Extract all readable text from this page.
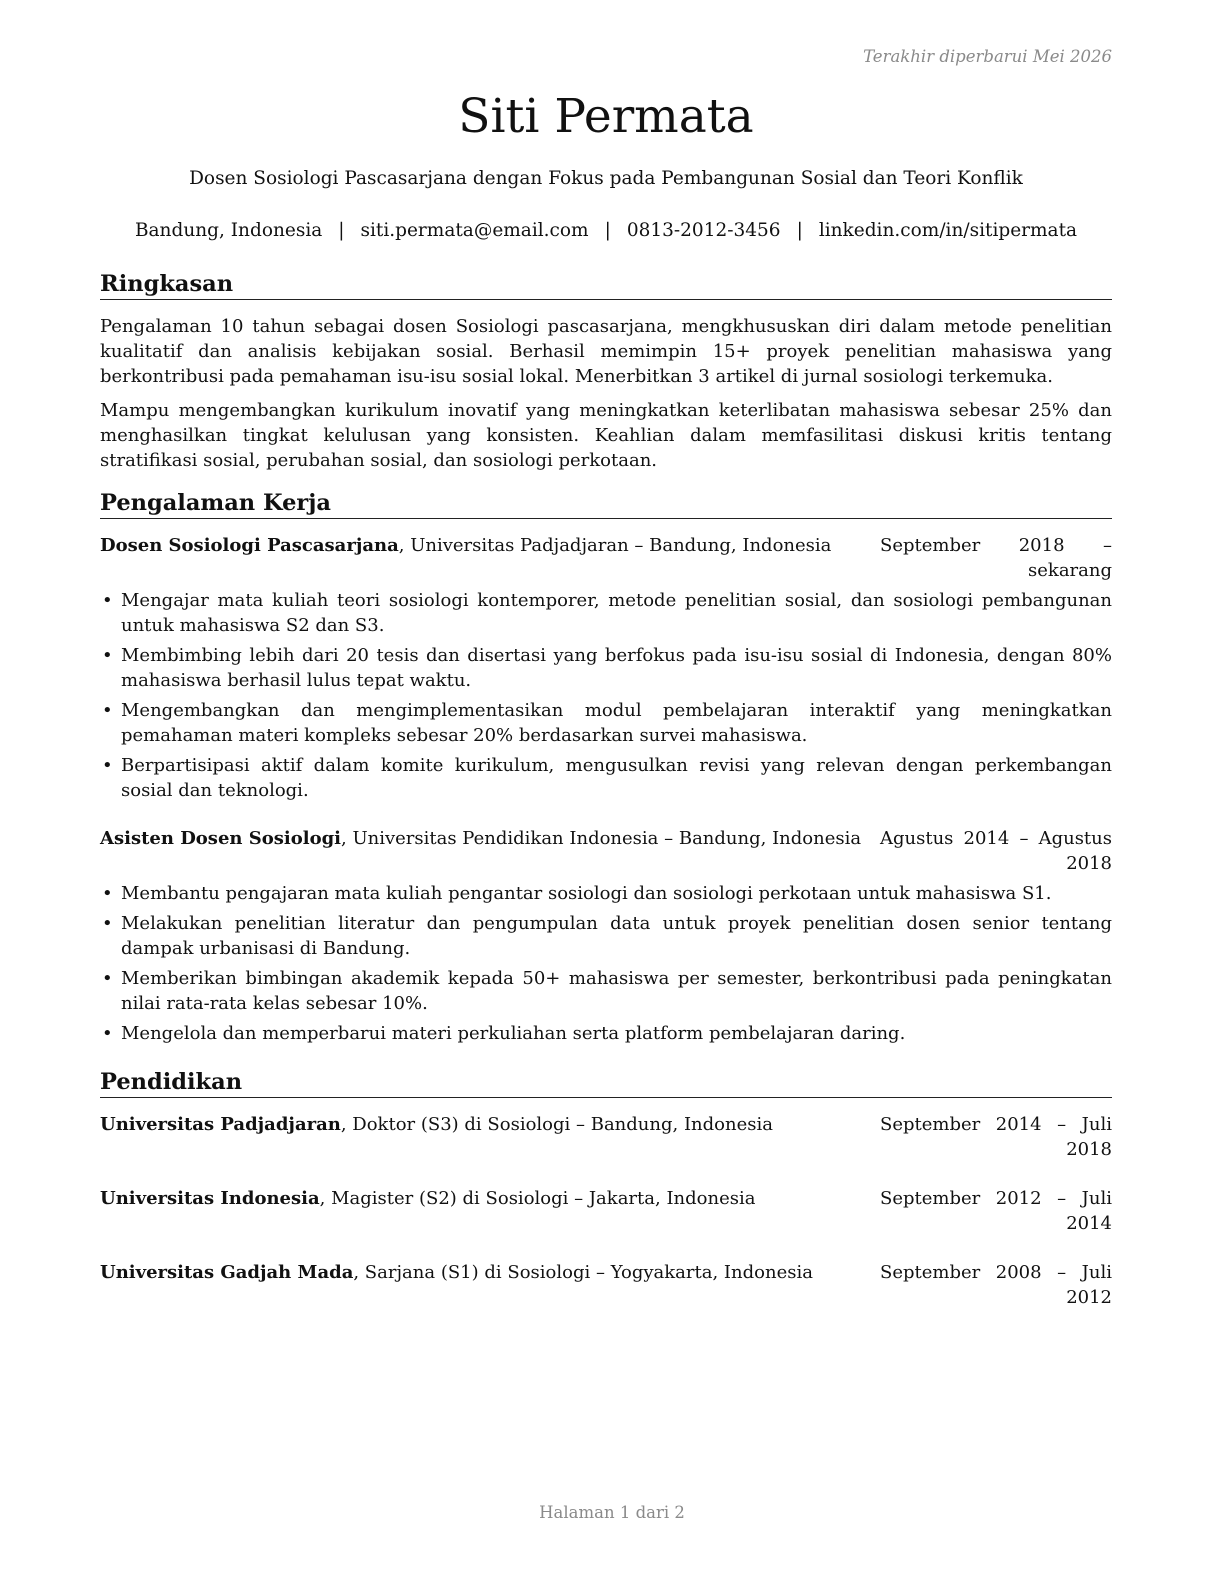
Terakhir diperbarui Mei 2026
Siti Permata
Dosen Sosiologi Pascasarjana dengan Fokus pada Pembangunan Sosial dan Teori Konflik
Bandung, Indonesia | siti.permata@email.com | 0813-2012-3456 | linkedin.com/in/sitipermata
Ringkasan

Pengalaman 10 tahun sebagai dosen Sosiologi pascasarjana, mengkhususkan diri dalam metode penelitian kualitatif dan analisis kebijakan sosial. Berhasil memimpin 15+ proyek penelitian mahasiswa yang berkontribusi pada pemahaman isu-isu sosial lokal. Menerbitkan 3 artikel di jurnal sosiologi terkemuka.

Mampu mengembangkan kurikulum inovatif yang meningkatkan keterlibatan mahasiswa sebesar 25% dan menghasilkan tingkat kelulusan yang konsisten. Keahlian dalam memfasilitasi diskusi kritis tentang stratifikasi sosial, perubahan sosial, dan sosiologi perkotaan.

Pengalaman Kerja
Dosen Sosiologi Pascasarjana, Universitas Padjadjaran – Bandung, Indonesia	September 2018 – sekarang
• Mengajar mata kuliah teori sosiologi kontemporer, metode penelitian sosial, dan sosiologi pembangunan untuk mahasiswa S2 dan S3.
• Membimbing lebih dari 20 tesis dan disertasi yang berfokus pada isu-isu sosial di Indonesia, dengan 80% mahasiswa berhasil lulus tepat waktu.
• Mengembangkan dan mengimplementasikan modul pembelajaran interaktif yang meningkatkan pemahaman materi kompleks sebesar 20% berdasarkan survei mahasiswa.
• Berpartisipasi aktif dalam komite kurikulum, mengusulkan revisi yang relevan dengan perkembangan sosial dan teknologi.
Asisten Dosen Sosiologi, Universitas Pendidikan Indonesia – Bandung, Indonesia Agustus 2014 – Agustus 2018
• Membantu pengajaran mata kuliah pengantar sosiologi dan sosiologi perkotaan untuk mahasiswa S1.
• Melakukan penelitian literatur dan pengumpulan data untuk proyek penelitian dosen senior tentang dampak urbanisasi di Bandung.
• Memberikan bimbingan akademik kepada 50+ mahasiswa per semester, berkontribusi pada peningkatan nilai rata-rata kelas sebesar 10%.
• Mengelola dan memperbarui materi perkuliahan serta platform pembelajaran daring.
Pendidikan
Universitas Padjadjaran, Doktor (S3) di Sosiologi – Bandung, Indonesia	September 2014 – Juli 2018
Universitas Indonesia, Magister (S2) di Sosiologi – Jakarta, Indonesia	September 2012 – Juli 2014
Universitas Gadjah Mada, Sarjana (S1) di Sosiologi – Yogyakarta, Indonesia	September 2008 – Juli 2012
Halaman 1 dari 2
